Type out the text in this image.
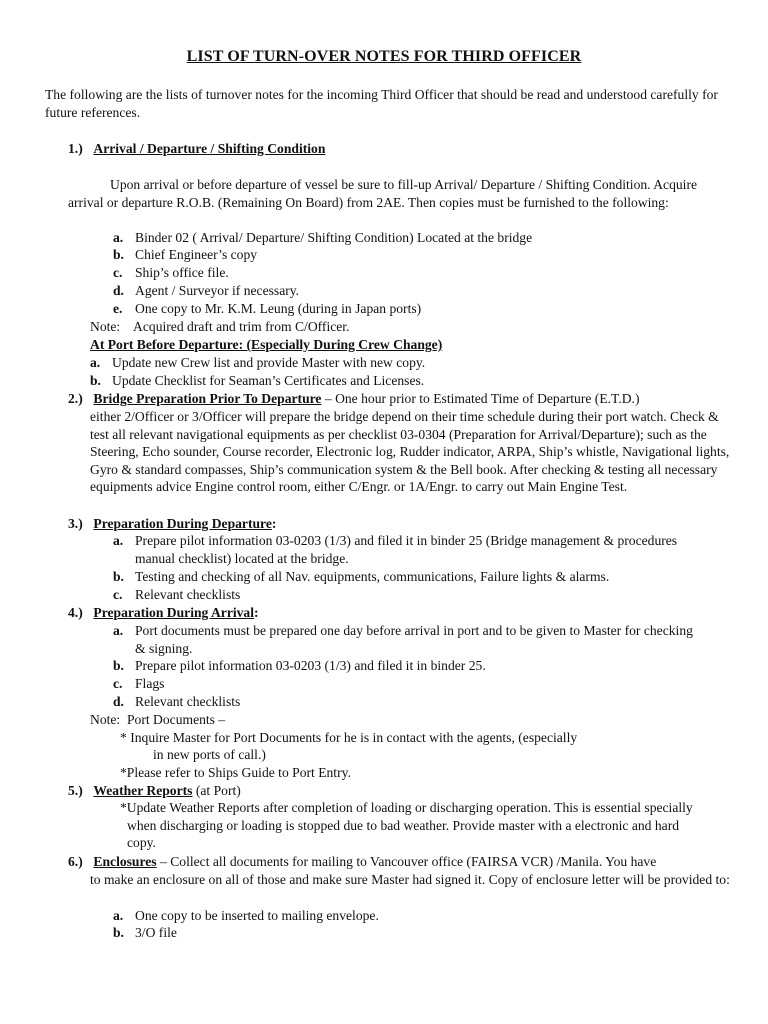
LIST OF TURN-OVER NOTES FOR THIRD OFFICER
The following are the lists of turnover notes for the incoming Third Officer that should be read and understood carefully for future references.
1.) Arrival / Departure / Shifting Condition
Upon arrival or before departure of vessel be sure to fill-up Arrival/ Departure / Shifting Condition. Acquire arrival or departure R.O.B. (Remaining On Board) from 2AE. Then copies must be furnished to the following:
a. Binder 02 ( Arrival/ Departure/ Shifting Condition) Located at the bridge
b. Chief Engineer’s copy
c. Ship’s office file.
d. Agent / Surveyor if necessary.
e. One copy to Mr. K.M. Leung (during in Japan ports)
Note:    Acquired draft and trim from C/Officer.
At Port Before Departure: (Especially During Crew Change)
a. Update new Crew list and provide Master with new copy.
b. Update Checklist for Seaman’s Certificates and Licenses.
2.) Bridge Preparation Prior To Departure – One hour prior to Estimated Time of Departure (E.T.D.)
either 2/Officer or 3/Officer will prepare the bridge depend on their time schedule during their port watch. Check & test all relevant navigational equipments as per checklist 03-0304 (Preparation for Arrival/Departure); such as the Steering, Echo sounder, Course recorder, Electronic log, Rudder indicator, ARPA, Ship’s whistle, Navigational lights, Gyro & standard compasses, Ship’s communication system & the Bell book. After checking & testing all necessary equipments advice Engine control room, either C/Engr. or 1A/Engr. to carry out Main Engine Test.
3.) Preparation During Departure:
a. Prepare pilot information 03-0203 (1/3) and filed it in binder 25 (Bridge management & procedures manual checklist) located at the bridge.
b. Testing and checking of all Nav. equipments, communications, Failure lights & alarms.
c. Relevant checklists
4.) Preparation During Arrival:
a. Port documents must be prepared one day before arrival in port and to be given to Master for checking & signing.
b. Prepare pilot information 03-0203 (1/3) and filed it in binder 25.
c. Flags
d. Relevant checklists
Note:  Port Documents –
* Inquire Master for Port Documents for he is in contact with the agents, (especially
in new ports of call.)
*Please refer to Ships Guide to Port Entry.
5.) Weather Reports (at Port)
*Update Weather Reports after completion of loading or discharging operation. This is essential specially when discharging or loading is stopped due to bad weather. Provide master with a electronic and hard copy.
6.) Enclosures – Collect all documents for mailing to Vancouver office (FAIRSA VCR) /Manila. You have
to make an enclosure on all of those and make sure Master had signed it. Copy of enclosure letter will be provided to:
a. One copy to be inserted to mailing envelope.
b. 3/O file
